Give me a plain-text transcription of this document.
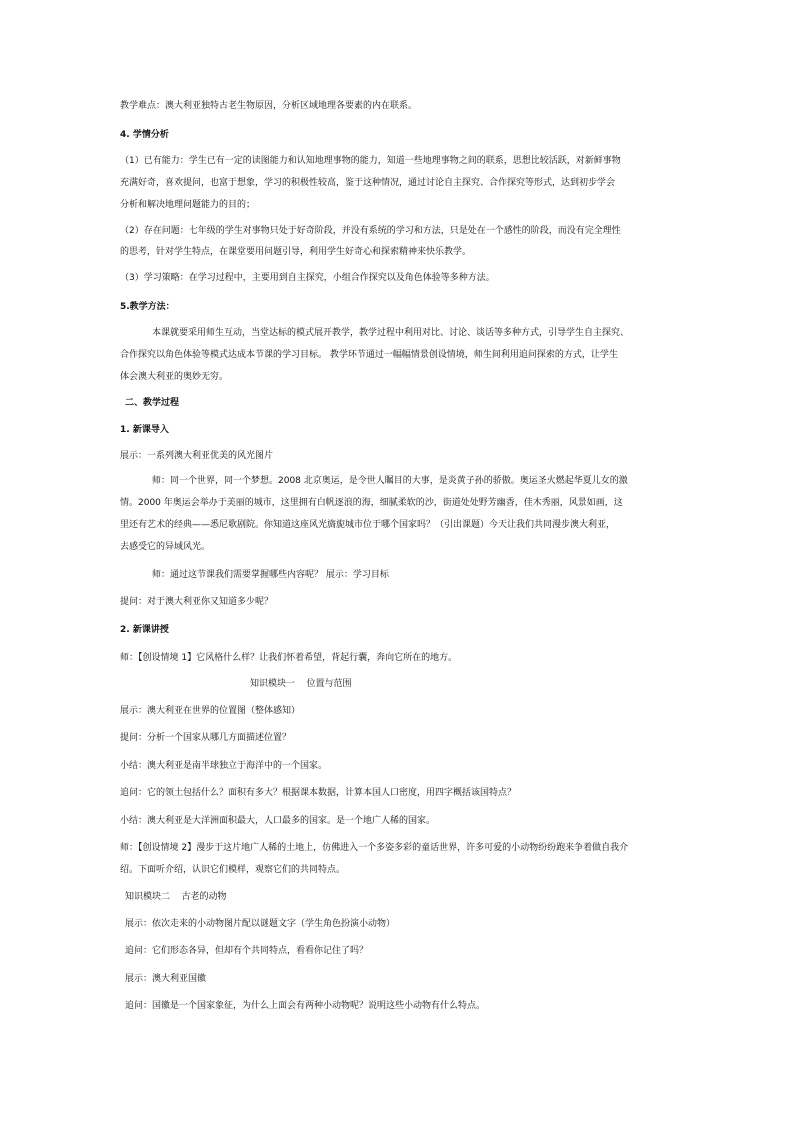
教学难点：澳大利亚独特古老生物原因，分析区域地理各要素的内在联系。

4. 学情分析

（1）已有能力：学生已有一定的读图能力和认知地理事物的能力，知道一些地理事物之间的联系，思想比较活跃，对新鲜事物

充满好奇，喜欢提问，也富于想象，学习的积极性较高，鉴于这种情况，通过讨论自主探究、合作探究等形式，达到初步学会

分析和解决地理问题能力的目的；

（2）存在问题：七年级的学生对事物只处于好奇阶段，并没有系统的学习和方法，只是处在一个感性的阶段，而没有完全理性

的思考，针对学生特点，在课堂要用问题引导，利用学生好奇心和探索精神来快乐教学。

（3）学习策略：在学习过程中，主要用到自主探究，小组合作探究以及角色体验等多种方法。

5.教学方法：

本课就要采用师生互动，当堂达标的模式展开教学，教学过程中利用对比、讨论、谈话等多种方式，引导学生自主探究、

合作探究以角色体验等模式达成本节课的学习目标。 教学环节通过一幅幅情景创设情境，师生间利用追问探索的方式，让学生

体会澳大利亚的奥妙无穷。

二、教学过程

1. 新课导入

展示：一系列澳大利亚优美的风光图片

师：同一个世界，同一个梦想。2008 北京奥运，是令世人瞩目的大事，是炎黄子孙的骄傲。奥运圣火燃起华夏儿女的激

情。2000 年奥运会举办于美丽的城市，这里拥有白帆逐浪的海，细腻柔软的沙，街道处处野芳幽香，佳木秀丽，风景如画，这

里还有艺术的经典——悉尼歌剧院。你知道这座风光旖旎城市位于哪个国家吗？（引出课题）今天让我们共同漫步澳大利亚，

去感受它的异域风光。

师：通过这节课我们需要掌握哪些内容呢？ 展示：学习目标

提问：对于澳大利亚你又知道多少呢？

2. 新课讲授

师：【创设情境 1】它风格什么样？让我们怀着希望，背起行囊，奔向它所在的地方。

知识模块一    位置与范围

展示：澳大利亚在世界的位置图（整体感知）

提问：分析一个国家从哪几方面描述位置？

小结：澳大利亚是南半球独立于海洋中的一个国家。

追问：它的领土包括什么？面积有多大？根据课本数据，计算本国人口密度，用四字概括该国特点？

小结：澳大利亚是大洋洲面积最大，人口最多的国家。是一个地广人稀的国家。

师：【创设情境 2】漫步于这片地广人稀的土地上，仿佛进入一个多姿多彩的童话世界，许多可爱的小动物纷纷跑来争着做自我介

绍。下面听介绍，认识它们模样，观察它们的共同特点。

知识模块二    古老的动物

展示：依次走来的小动物图片配以谜题文字（学生角色扮演小动物）

追问：它们形态各异，但却有个共同特点，看看你记住了吗？

展示：澳大利亚国徽

追问：国徽是一个国家象征，为什么上面会有两种小动物呢？说明这些小动物有什么特点。
